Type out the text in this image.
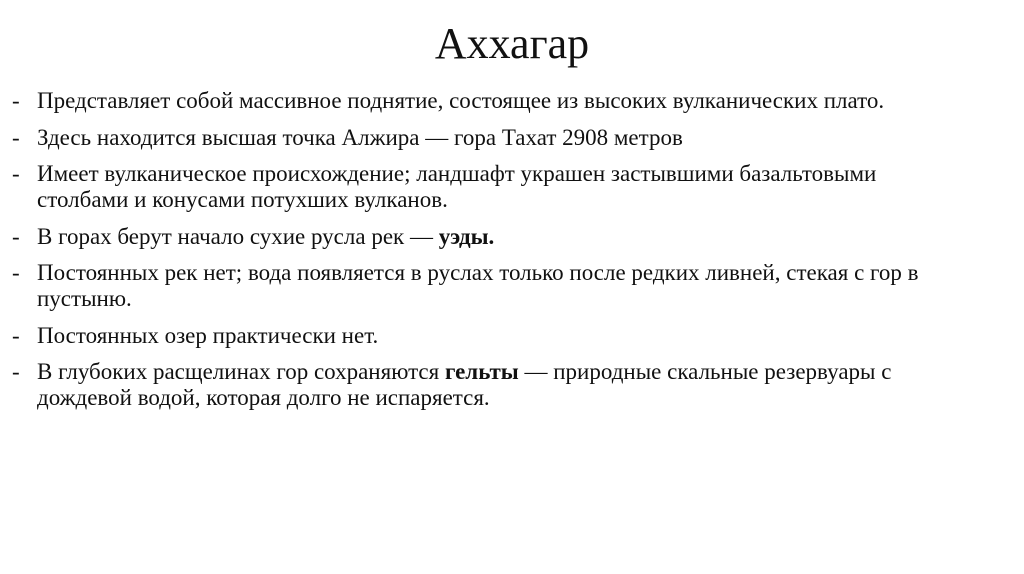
Аххагар
- Представляет собой массивное поднятие, состоящее из высоких вулканических плато.
- Здесь находится высшая точка Алжира — гора Тахат 2908 метров
- Имеет вулканическое происхождение; ландшафт украшен застывшими базальтовыми столбами и конусами потухших вулканов.
- В горах берут начало сухие русла рек — уэды.
- Постоянных рек нет; вода появляется в руслах только после редких ливней, стекая с гор в пустыню.
- Постоянных озер практически нет.
- В глубоких расщелинах гор сохраняются гельты — природные скальные резервуары с дождевой водой, которая долго не испаряется.
